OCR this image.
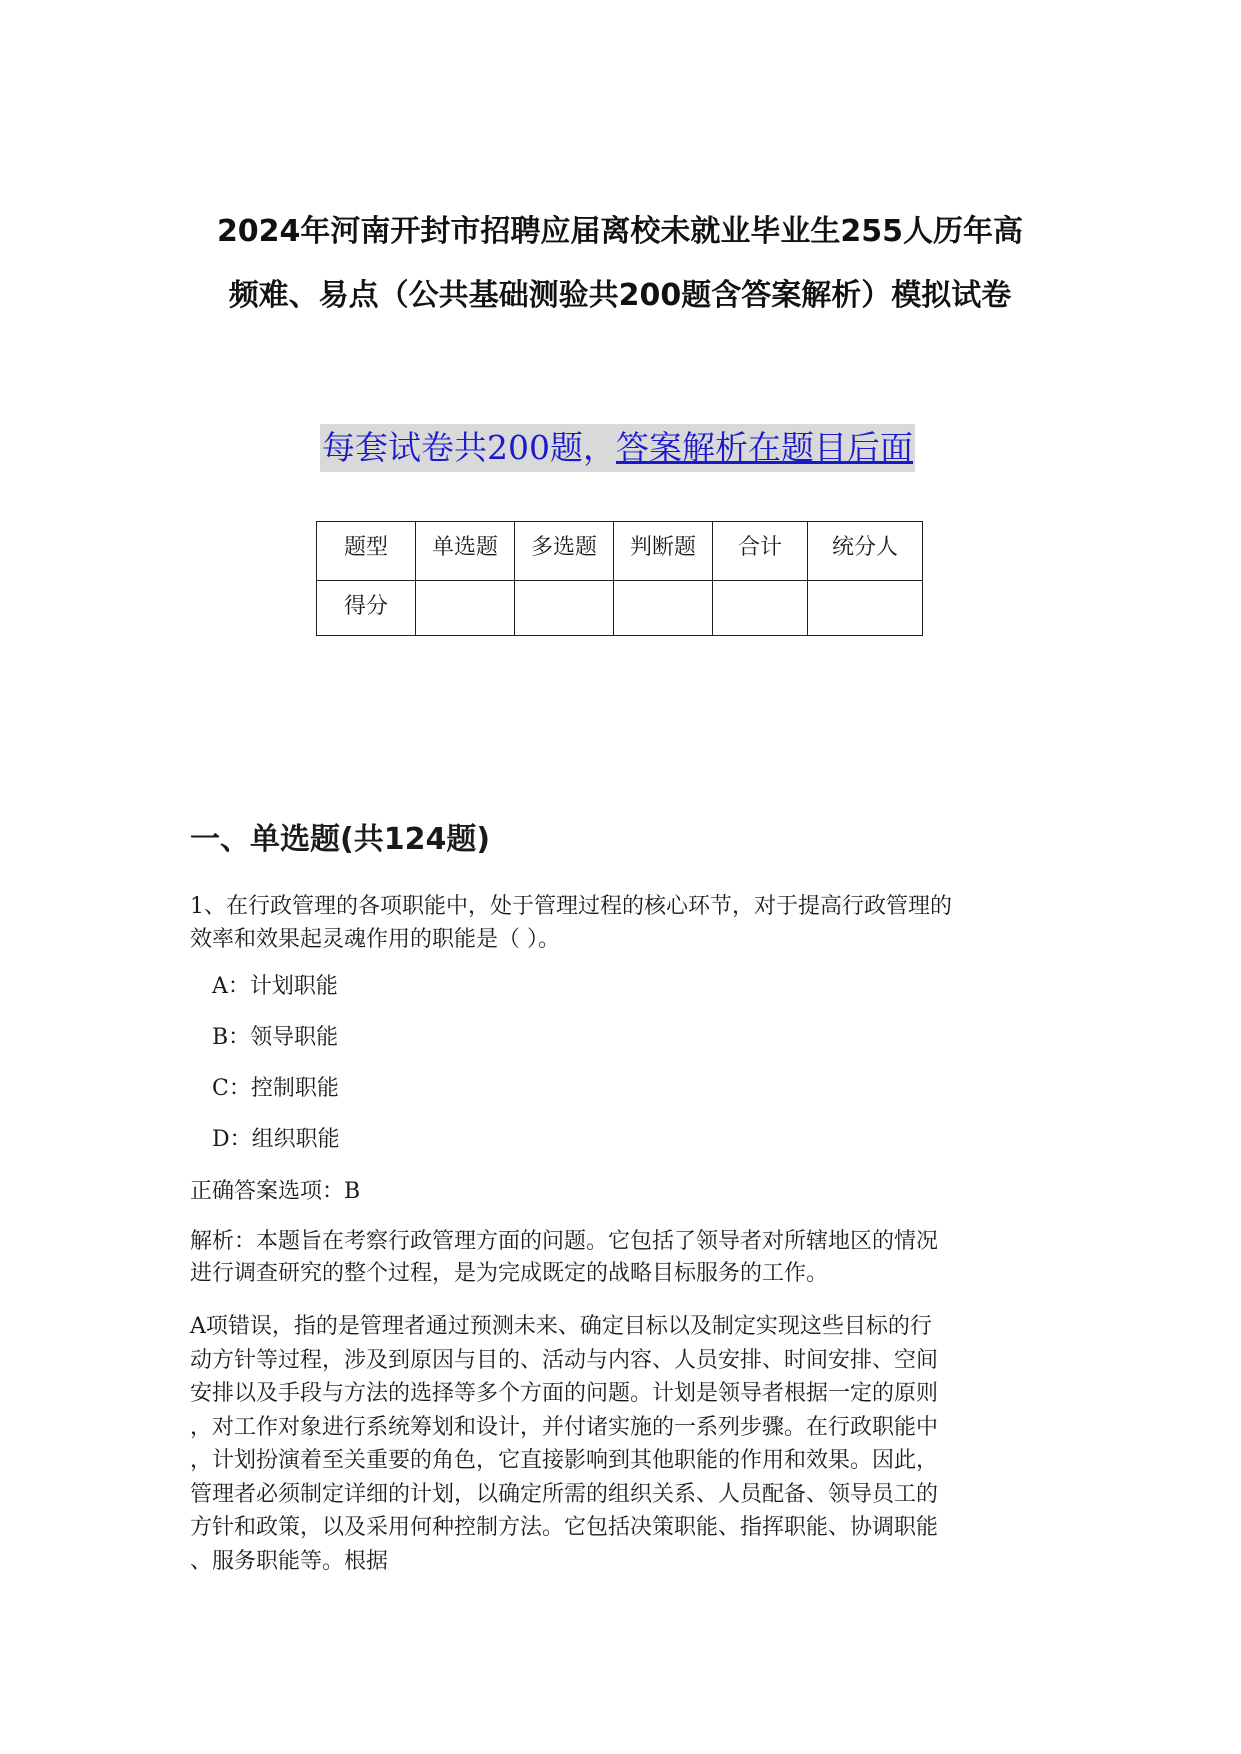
2024年河南开封市招聘应届离校未就业毕业生255人历年高
频难、易点（公共基础测验共200题含答案解析）模拟试卷
每套试卷共200题，答案解析在题目后面
题型	单选题	多选题	判断题	合计	统分人
得分					
一、单选题(共124题)

1、在行政管理的各项职能中，处于管理过程的核心环节，对于提高行政管理的
效率和效果起灵魂作用的职能是（ ）。

A：计划职能
B：领导职能
C：控制职能
D：组织职能
正确答案选项：B

解析：本题旨在考察行政管理方面的问题。它包括了领导者对所辖地区的情况
进行调查研究的整个过程，是为完成既定的战略目标服务的工作。

A项错误，指的是管理者通过预测未来、确定目标以及制定实现这些目标的行
动方针等过程，涉及到原因与目的、活动与内容、人员安排、时间安排、空间
安排以及手段与方法的选择等多个方面的问题。计划是领导者根据一定的原则
，对工作对象进行系统筹划和设计，并付诸实施的一系列步骤。在行政职能中
，计划扮演着至关重要的角色，它直接影响到其他职能的作用和效果。因此，
管理者必须制定详细的计划，以确定所需的组织关系、人员配备、领导员工的
方针和政策，以及采用何种控制方法。它包括决策职能、指挥职能、协调职能
、服务职能等。根据
